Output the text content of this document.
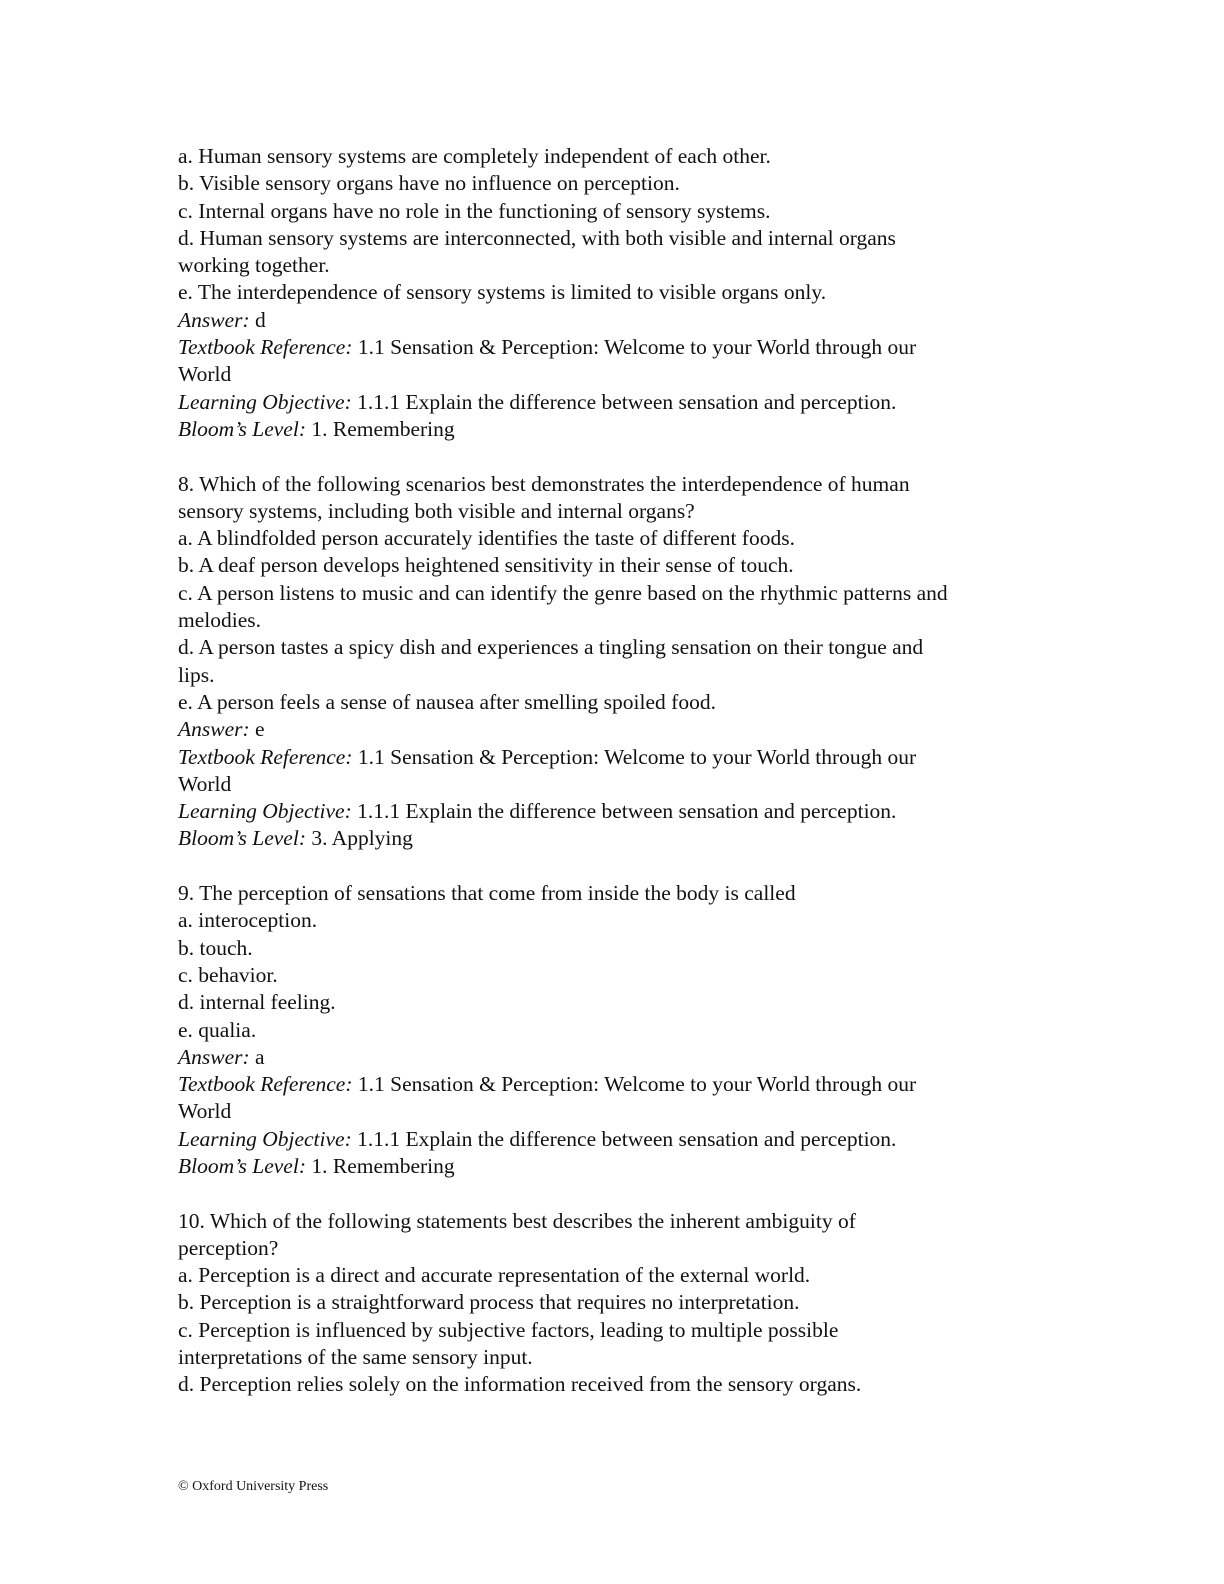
a. Human sensory systems are completely independent of each other.
b. Visible sensory organs have no influence on perception.
c. Internal organs have no role in the functioning of sensory systems.
d. Human sensory systems are interconnected, with both visible and internal organs
working together.
e. The interdependence of sensory systems is limited to visible organs only.
Answer: d
Textbook Reference: 1.1 Sensation & Perception: Welcome to your World through our
World
Learning Objective: 1.1.1 Explain the difference between sensation and perception.
Bloom’s Level: 1. Remembering
8. Which of the following scenarios best demonstrates the interdependence of human
sensory systems, including both visible and internal organs?
a. A blindfolded person accurately identifies the taste of different foods.
b. A deaf person develops heightened sensitivity in their sense of touch.
c. A person listens to music and can identify the genre based on the rhythmic patterns and
melodies.
d. A person tastes a spicy dish and experiences a tingling sensation on their tongue and
lips.
e. A person feels a sense of nausea after smelling spoiled food.
Answer: e
Textbook Reference: 1.1 Sensation & Perception: Welcome to your World through our
World
Learning Objective: 1.1.1 Explain the difference between sensation and perception.
Bloom’s Level: 3. Applying
9. The perception of sensations that come from inside the body is called
a. interoception.
b. touch.
c. behavior.
d. internal feeling.
e. qualia.
Answer: a
Textbook Reference: 1.1 Sensation & Perception: Welcome to your World through our
World
Learning Objective: 1.1.1 Explain the difference between sensation and perception.
Bloom’s Level: 1. Remembering
10. Which of the following statements best describes the inherent ambiguity of
perception?
a. Perception is a direct and accurate representation of the external world.
b. Perception is a straightforward process that requires no interpretation.
c. Perception is influenced by subjective factors, leading to multiple possible
interpretations of the same sensory input.
d. Perception relies solely on the information received from the sensory organs.
© Oxford University Press
